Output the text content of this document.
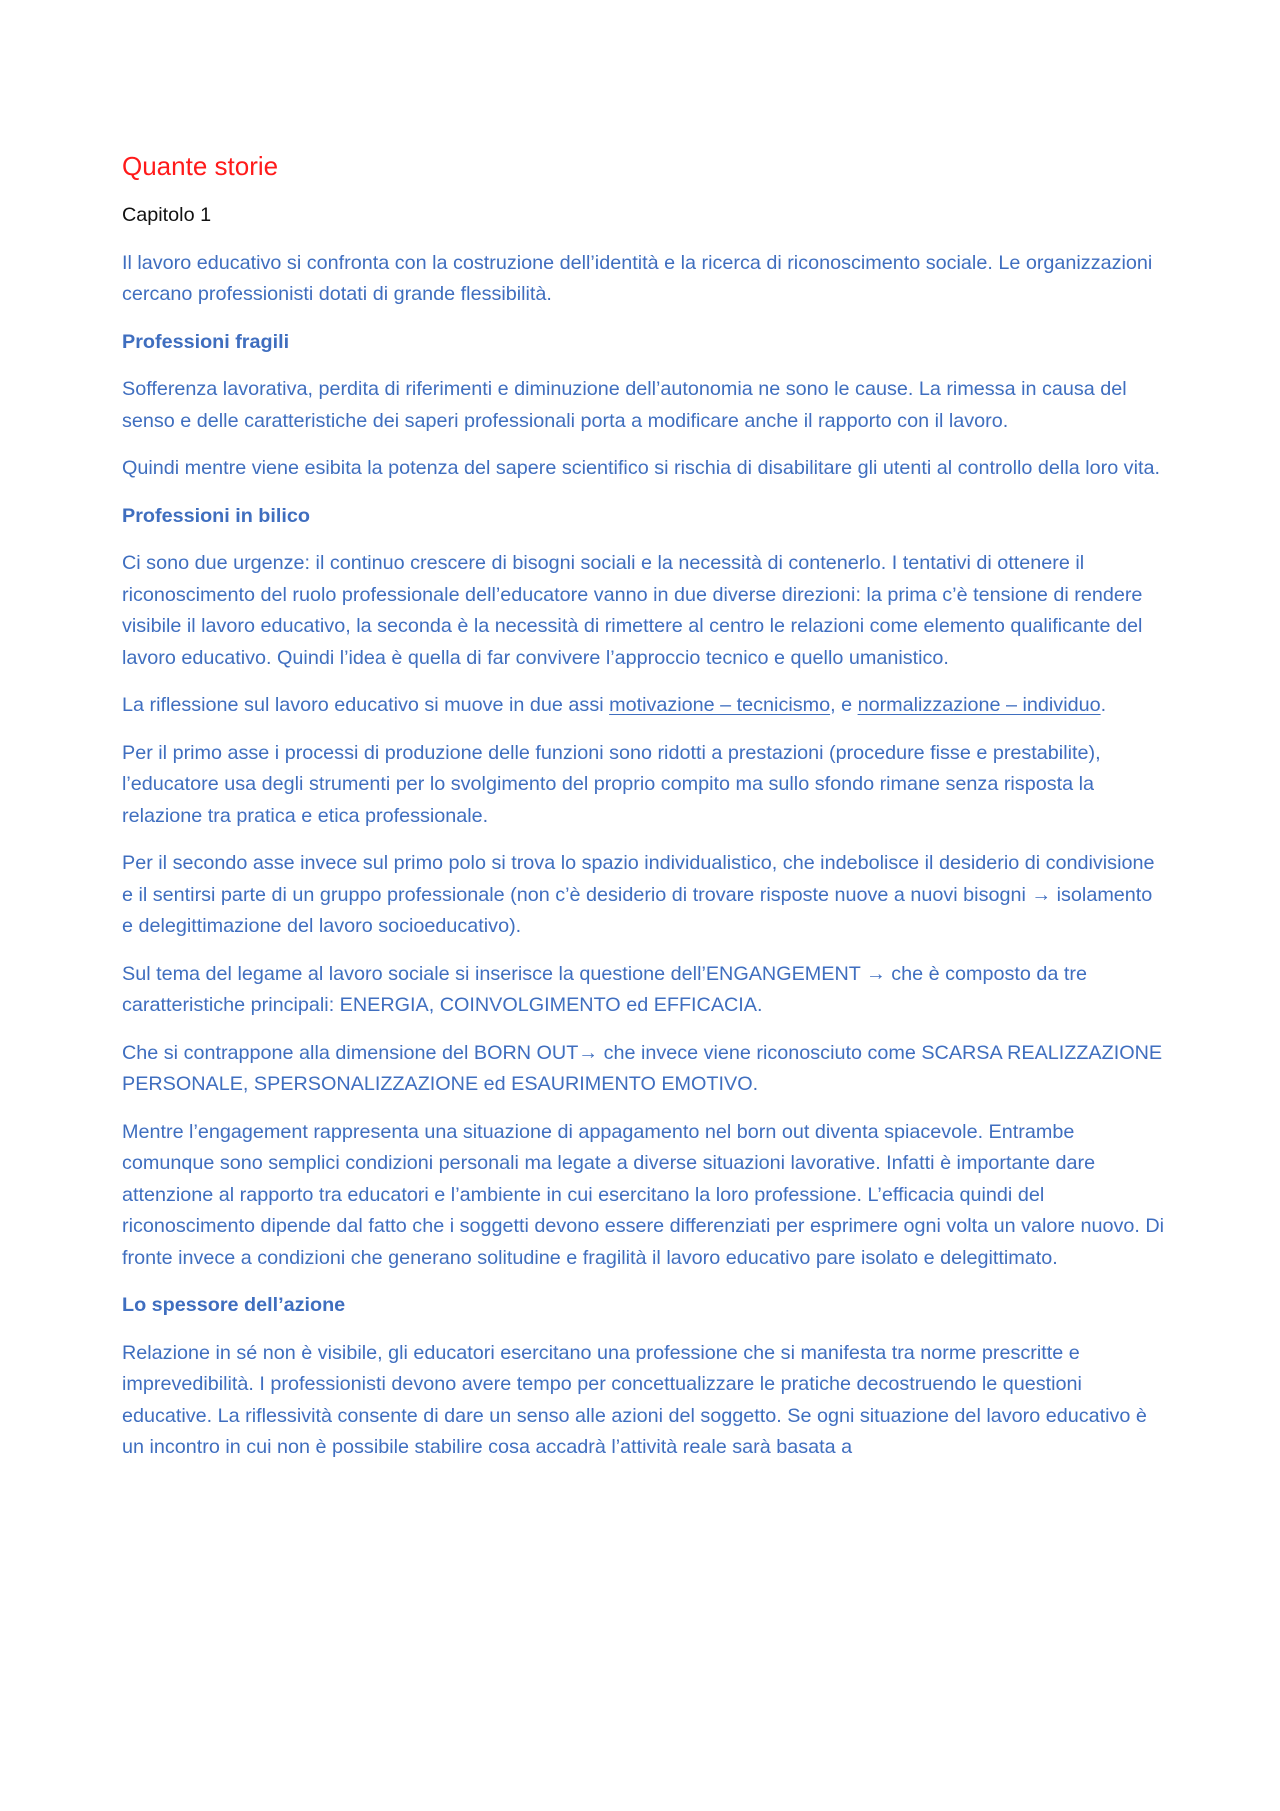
Quante storie

Capitolo 1

Il lavoro educativo si confronta con la costruzione dell’identità e la ricerca di riconoscimento sociale. Le organizzazioni cercano professionisti dotati di grande flessibilità.

Professioni fragili

Sofferenza lavorativa, perdita di riferimenti e diminuzione dell’autonomia ne sono le cause. La rimessa in causa del senso e delle caratteristiche dei saperi professionali porta a modificare anche il rapporto con il lavoro.

Quindi mentre viene esibita la potenza del sapere scientifico si rischia di disabilitare gli utenti al controllo della loro vita.

Professioni in bilico

Ci sono due urgenze: il continuo crescere di bisogni sociali e la necessità di contenerlo. I tentativi di ottenere il riconoscimento del ruolo professionale dell’educatore vanno in due diverse direzioni: la prima c’è tensione di rendere visibile il lavoro educativo, la seconda è la necessità di rimettere al centro le relazioni come elemento qualificante del lavoro educativo. Quindi l’idea è quella di far convivere l’approccio tecnico e quello umanistico.

La riflessione sul lavoro educativo si muove in due assi motivazione – tecnicismo, e normalizzazione – individuo.

Per il primo asse i processi di produzione delle funzioni sono ridotti a prestazioni (procedure fisse e prestabilite), l’educatore usa degli strumenti per lo svolgimento del proprio compito ma sullo sfondo rimane senza risposta la relazione tra pratica e etica professionale.

Per il secondo asse invece sul primo polo si trova lo spazio individualistico, che indebolisce il desiderio di condivisione e il sentirsi parte di un gruppo professionale (non c’è desiderio di trovare risposte nuove a nuovi bisogni → isolamento e delegittimazione del lavoro socioeducativo).

Sul tema del legame al lavoro sociale si inserisce la questione dell’ENGANGEMENT → che è composto da tre caratteristiche principali: ENERGIA, COINVOLGIMENTO ed EFFICACIA.

Che si contrappone alla dimensione del BORN OUT→ che invece viene riconosciuto come SCARSA REALIZZAZIONE PERSONALE, SPERSONALIZZAZIONE ed ESAURIMENTO EMOTIVO.

Mentre l’engagement rappresenta una situazione di appagamento nel born out diventa spiacevole. Entrambe comunque sono semplici condizioni personali ma legate a diverse situazioni lavorative. Infatti è importante dare attenzione al rapporto tra educatori e l’ambiente in cui esercitano la loro professione. L’efficacia quindi del riconoscimento dipende dal fatto che i soggetti devono essere differenziati per esprimere ogni volta un valore nuovo. Di fronte invece a condizioni che generano solitudine e fragilità il lavoro educativo pare isolato e delegittimato.

Lo spessore dell’azione

Relazione in sé non è visibile, gli educatori esercitano una professione che si manifesta tra norme prescritte e imprevedibilità. I professionisti devono avere tempo per concettualizzare le pratiche decostruendo le questioni educative. La riflessività consente di dare un senso alle azioni del soggetto. Se ogni situazione del lavoro educativo è un incontro in cui non è possibile stabilire cosa accadrà l’attività reale sarà basata a
